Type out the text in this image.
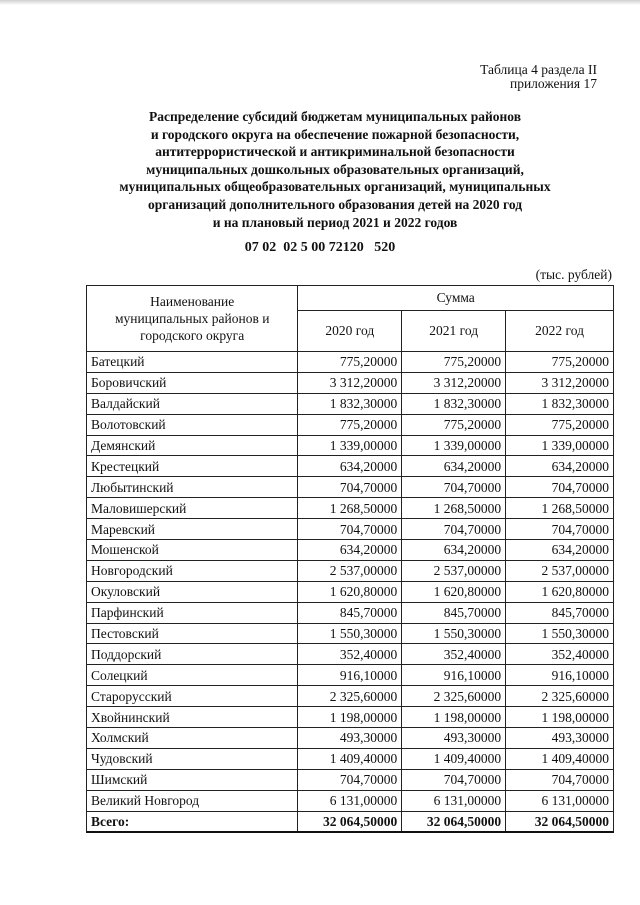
Таблица 4 раздела II
приложения 17
Распределение субсидий бюджетам муниципальных районов
и городского округа на обеспечение пожарной безопасности,
антитеррористической и антикриминальной безопасности
муниципальных дошкольных образовательных организаций,
муниципальных общеобразовательных организаций, муниципальных
организаций дополнительного образования детей на 2020 год
и на плановый период 2021 и 2022 годов
07 02  02 5 00 72120   520
(тыс. рублей)
Наименование
муниципальных районов и
городского округа	Сумма		
	2020 год	2021 год	2022 год
Батецкий	775,20000	775,20000	775,20000
Боровичский	3 312,20000	3 312,20000	3 312,20000
Валдайский	1 832,30000	1 832,30000	1 832,30000
Волотовский	775,20000	775,20000	775,20000
Демянский	1 339,00000	1 339,00000	1 339,00000
Крестецкий	634,20000	634,20000	634,20000
Любытинский	704,70000	704,70000	704,70000
Маловишерский	1 268,50000	1 268,50000	1 268,50000
Маревский	704,70000	704,70000	704,70000
Мошенской	634,20000	634,20000	634,20000
Новгородский	2 537,00000	2 537,00000	2 537,00000
Окуловский	1 620,80000	1 620,80000	1 620,80000
Парфинский	845,70000	845,70000	845,70000
Пестовский	1 550,30000	1 550,30000	1 550,30000
Поддорский	352,40000	352,40000	352,40000
Солецкий	916,10000	916,10000	916,10000
Старорусский	2 325,60000	2 325,60000	2 325,60000
Хвойнинский	1 198,00000	1 198,00000	1 198,00000
Холмский	493,30000	493,30000	493,30000
Чудовский	1 409,40000	1 409,40000	1 409,40000
Шимский	704,70000	704,70000	704,70000
Великий Новгород	6 131,00000	6 131,00000	6 131,00000
Всего:	32 064,50000	32 064,50000	32 064,50000
